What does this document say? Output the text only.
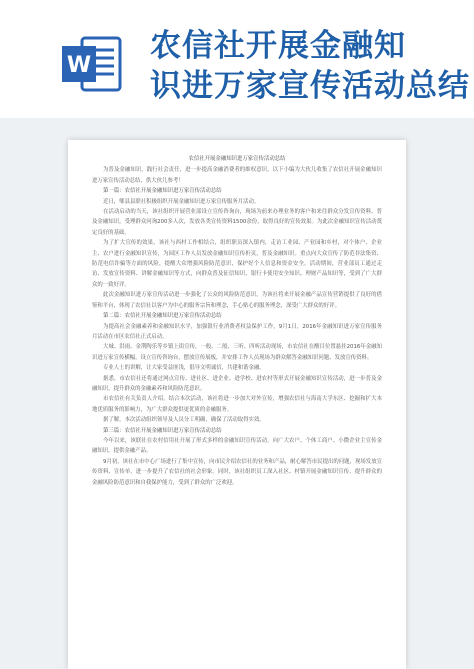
W
农信社开展金融知
识进万家宣传活动总结
农信社开展金融知识进万家宣传活动总结

为普及金融知识，践行社会责任，进一步提高金融消费者的维权意识，以下小编为大伙儿收集了农信社开展金融知识进万家宣传活动总结，供大伙儿参考！

第一篇：农信社开展金融知识进万家宣传活动总结

近日，郫县县联社积极组织开展金融知识进万家宣传服务月活动。

在活动启动的当天，该社组织开展营业部设立宣传咨询台，现场为前来办理业务的客户和来往群众分发宣传资料、普及金融知识，受理群众问询200多人次，发放各类宣传资料1500余份，取得良好的宣传效果。为此次金融知识宣传活动奠定良好的基础。

为了扩大宣传的效果，该社与西村工作相结合，组织职员深入镇内，走访工业园、产业园和乡村，对个体户、企业主、农户进行金融知识宣传，为园区工作人员发放金融知识宣传折页，普及金融知识。重点向大众宣传了防范非法集资、防范电信诈骗等方面的风险，提醒大众增强风险防范意识，保护好个人信息和资金安全。活动期间，营业部员工通过走访、发放宣传资料、讲解金融知识等方式，向群众普及征信知识、银行卡使用安全知识、理财产品知识等，受到了广大群众的一致好评。

此次金融知识进万家宣传活动进一步强化了公众的风险防范意识，为该社将来开展金融产品宣传营销提供了良好的借鉴和平台，体现了农信社以客户为中心的服务宗旨和理念，手心贴心的服务理念，深受广大群众的好评。

第二篇：农信社开展金融知识进万家宣传活动总结

为提高社会金融素养和金融知识水平，加强银行业消费者权益保护工作，9月1日，2016年金融知识进万家宣传服务月活动在市区农信社正式启动。

大城、洪雨、金荆陶乐等乡镇上街宣传，一般、二般、三听、四听活动现场，市农信社在醒目位置悬挂2016年金融知识进万家宣传横幅，设立宣传咨询台，摆放宣传展板，并安排工作人员现场为群众解答金融知识问题、发放宣传资料。

专业人士的讲解，让大家受益匪浅，倡导文明诚信，共建和谐金融。

据悉，市农信社还将通过网点宣传、进社区、进企业、进学校、进农村等形式开展金融知识宣传活动，进一步普及金融知识，提升群众的金融素养和风险防范意识。

市农信社有关负责人介绍，结合本次活动，该社将进一步加大对外宣传，增强农信社与海南大学东区、挖掘和扩大本地优质服务的影响力，为广大群众提供更优质的金融服务。

据了解，本次活动组织领导及人员分工明确，确保了活动取得实效。

第三篇：农信社开展金融知识进万家宣传活动总结

今年以来，该联社在农村信用社开展了形式多样的金融知识宣传活动，向广大农户、个体工商户、小微企业主宣传金融知识，提供金融产品。

9月初，该社在市中心广场进行了集中宣传，向市民介绍农信社的业务和产品，耐心解答市民提出的问题，现场发放宣传资料、宣传单，进一步提升了农信社的社会形象。同时，该社组织员工深入社区、村镇开展金融知识宣传，提升群众的金融风险防范意识和自我保护能力，受到了群众的广泛欢迎。
